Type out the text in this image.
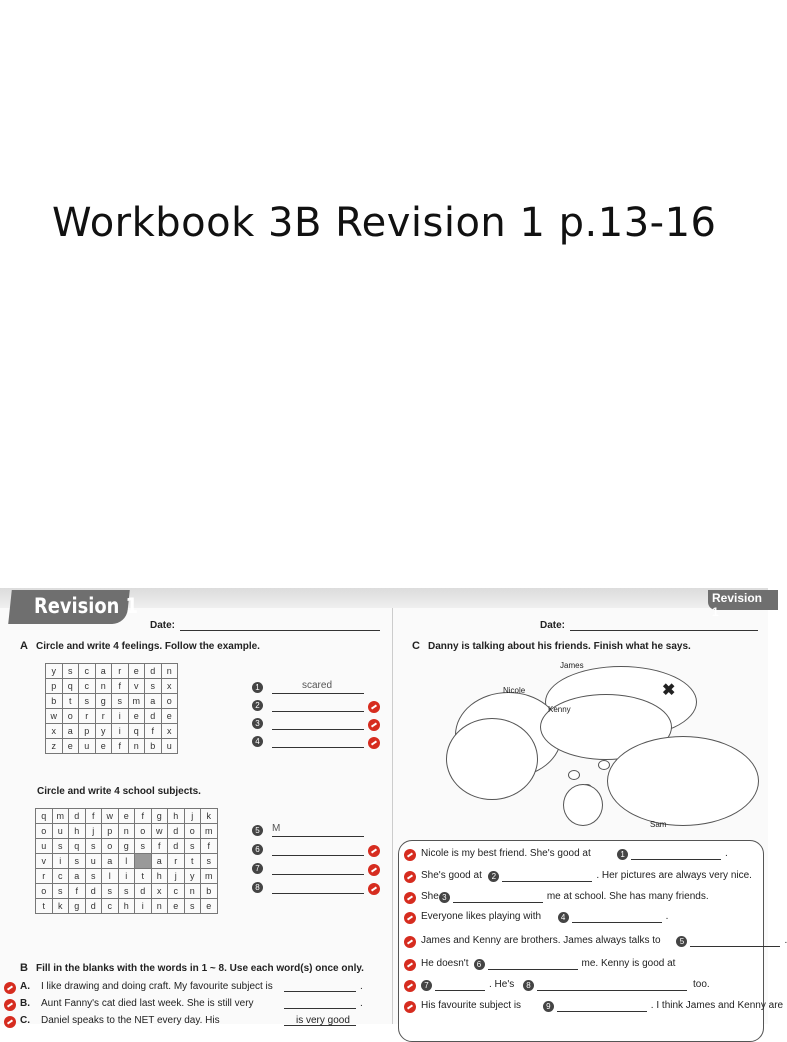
Workbook 3B Revision 1 p.13-16
Revision 1	Revision 1
Date:
A Circle and write 4 feelings. Follow the example.
y	s	c	a	r	e	d	n
p	q	c	n	f	v	s	x
b	t	s	g	s	m	a	o
w	o	r	r	i	e	d	e
x	a	p	y	i	q	f	x
z	e	u	e	f	n	b	u
1	scared
2
3
4
Circle and write 4 school subjects.
q	m	d	f	w	e	f	g	h	j	k
o	u	h	j	p	n	o	w	d	o	m
u	s	q	s	o	g	s	f	d	s	f
v	i	s	u	a	l		a	r	t	s
r	c	a	s	l	i	t	h	j	y	m
o	s	f	d	s	s	d	x	c	n	b
t	k	g	d	c	h	i	n	e	s	e
5	M
6
7
8
B Fill in the blanks with the words in 1 ~ 8. Use each word(s) once only.
A. I like drawing and doing craft. My favourite subject is	.
B. Aunt Fanny's cat died last week. She is still very	.
C. Daniel speaks to the NET every day. His	is very good
Date:
C Danny is talking about his friends. Finish what he says.
James
Nicole
Kenny
Sam
✖
Nicole is my best friend. She's good at	1	.
She's good at	2	. Her pictures are always very nice.
She 3	me at school. She has many friends.
Everyone likes playing with	4	.
James and Kenny are brothers. James always talks to	5	.
He doesn't	6	me. Kenny is good at
7	. He's	8	too.
His favourite subject is	9	. I think James and Kenny are
